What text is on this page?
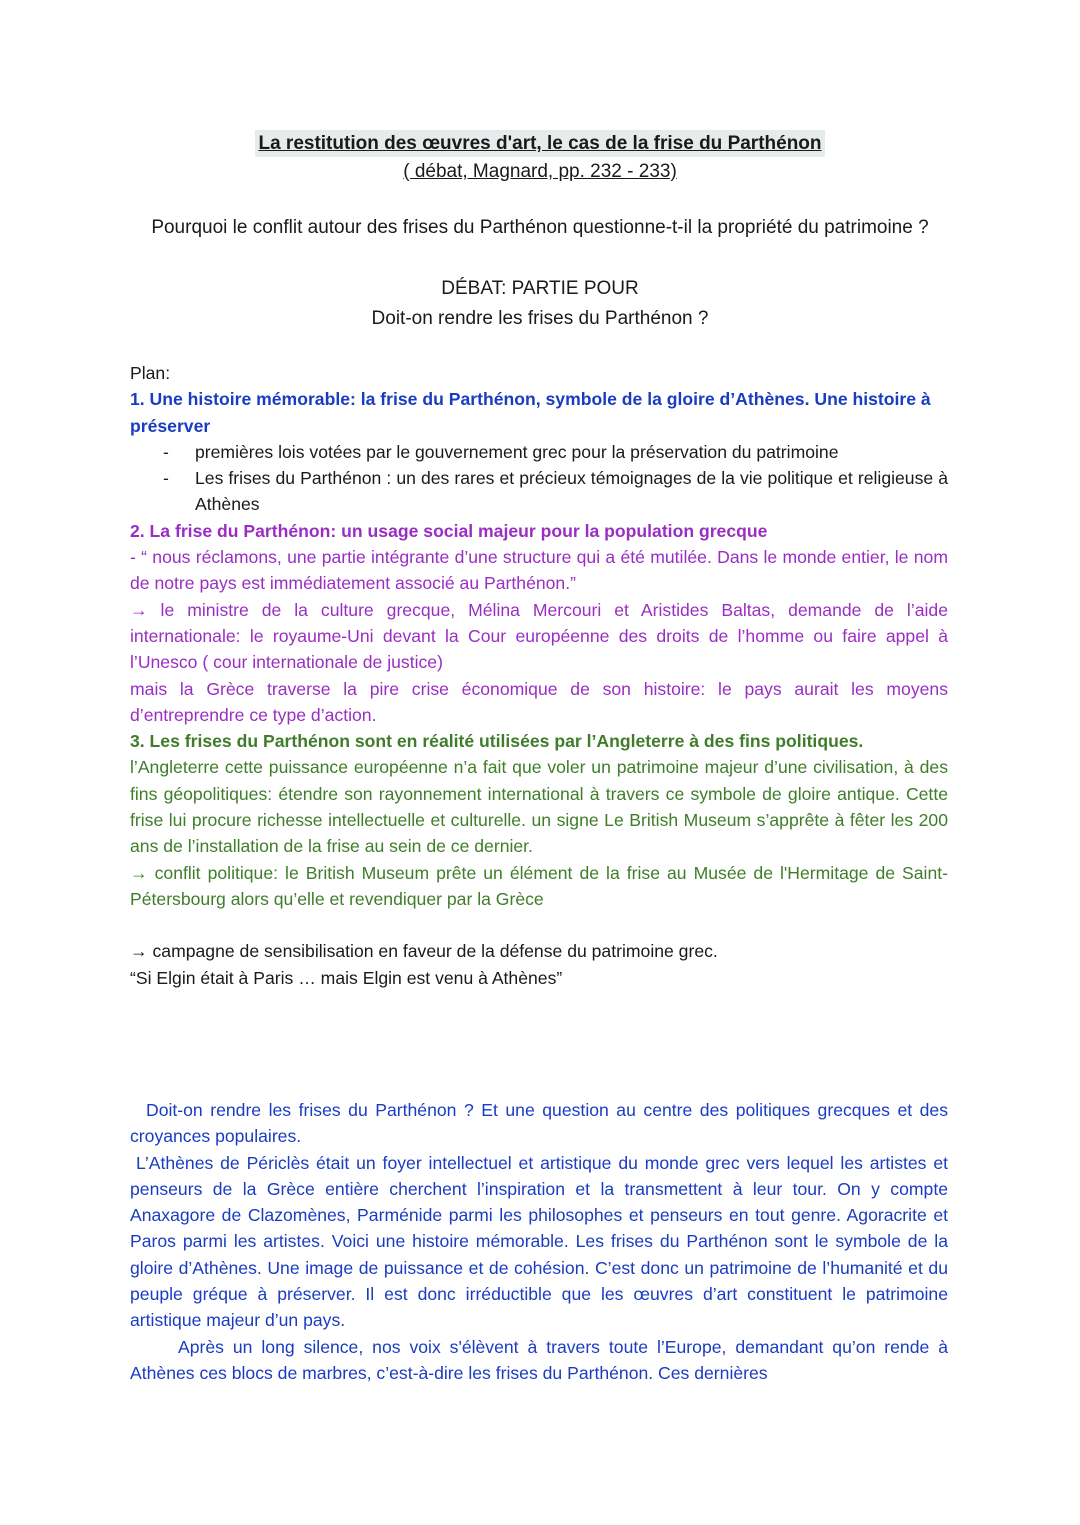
La restitution des œuvres d'art, le cas de la frise du Parthénon
( débat, Magnard, pp. 232 - 233)
Pourquoi le conflit autour des frises du Parthénon questionne-t-il la propriété du patrimoine ?
DÉBAT: PARTIE POUR
Doit-on rendre les frises du Parthénon ?

Plan:

1. Une histoire mémorable: la frise du Parthénon, symbole de la gloire d’Athènes. Une histoire à préserver

- premières lois votées par le gouvernement grec pour la préservation du patrimoine
- Les frises du Parthénon : un des rares et précieux témoignages de la vie politique et religieuse à Athènes

2. La frise du Parthénon: un usage social majeur pour la population grecque

- “ nous réclamons, une partie intégrante d’une structure qui a été mutilée. Dans le monde entier, le nom de notre pays est immédiatement associé au Parthénon.”

→ le ministre de la culture grecque, Mélina Mercouri et Aristides Baltas, demande de l’aide internationale: le royaume-Uni devant la Cour européenne des droits de l’homme ou faire appel à l’Unesco ( cour internationale de justice)

mais la Grèce traverse la pire crise économique de son histoire: le pays aurait les moyens d’entreprendre ce type d’action.

3. Les frises du Parthénon sont en réalité utilisées par l’Angleterre à des fins politiques.

l’Angleterre cette puissance européenne n’a fait que voler un patrimoine majeur d’une civilisation, à des fins géopolitiques: étendre son rayonnement international à travers ce symbole de gloire antique. Cette frise lui procure richesse intellectuelle et culturelle. un signe Le British Museum s’apprête à fêter les 200 ans de l’installation de la frise au sein de ce dernier.

→ conflit politique: le British Museum prête un élément de la frise au Musée de l'Hermitage de Saint-Pétersbourg alors qu’elle et revendiquer par la Grèce

→ campagne de sensibilisation en faveur de la défense du patrimoine grec.

“Si Elgin était à Paris … mais Elgin est venu à Athènes”

Doit-on rendre les frises du Parthénon ? Et une question au centre des politiques grecques et des croyances populaires.

L’Athènes de Périclès était un foyer intellectuel et artistique du monde grec vers lequel les artistes et penseurs de la Grèce entière cherchent l’inspiration et la transmettent à leur tour. On y compte Anaxagore de Clazomènes, Parménide parmi les philosophes et penseurs en tout genre. Agoracrite et Paros parmi les artistes. Voici une histoire mémorable. Les frises du Parthénon sont le symbole de la gloire d’Athènes. Une image de puissance et de cohésion. C’est donc un patrimoine de l’humanité et du peuple gréque à préserver. Il est donc irréductible que les œuvres d’art constituent le patrimoine artistique majeur d’un pays.

Après un long silence, nos voix s'élèvent à travers toute l’Europe, demandant qu’on rende à Athènes ces blocs de marbres, c’est-à-dire les frises du Parthénon. Ces dernières
